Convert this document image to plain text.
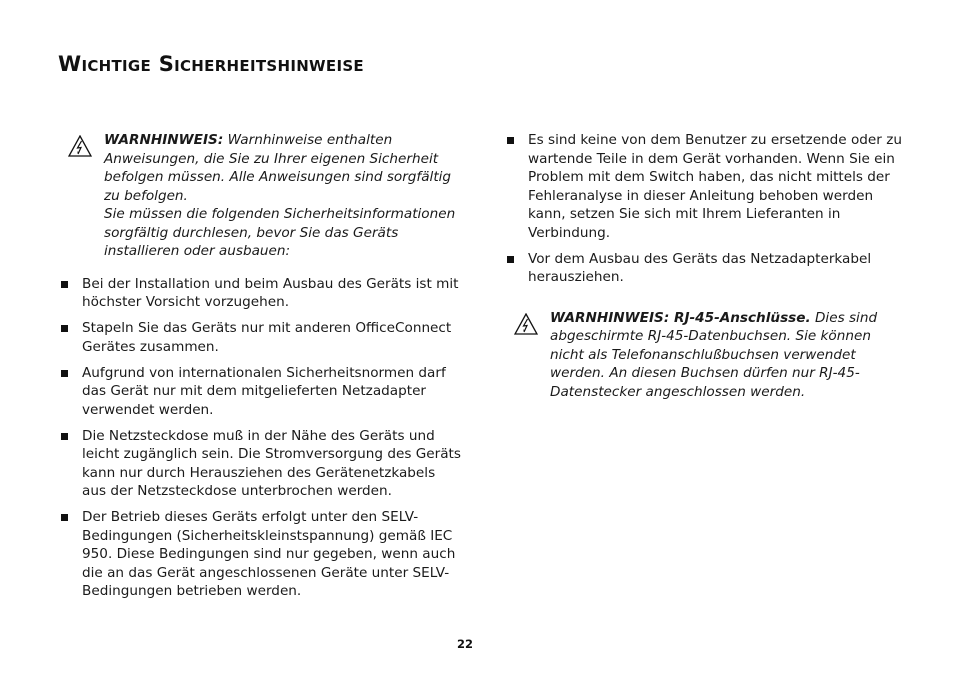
Wichtige Sicherheitshinweise

WARNHINWEIS: Warnhinweise enthalten Anweisungen, die Sie zu Ihrer eigenen Sicherheit befolgen müssen. Alle Anweisungen sind sorgfältig zu befolgen.

Sie müssen die folgenden Sicherheitsinformationen sorgfältig durchlesen, bevor Sie das Geräts installieren oder ausbauen:

Bei der Installation und beim Ausbau des Geräts ist mit höchster Vorsicht vorzugehen.
Stapeln Sie das Geräts nur mit anderen OfficeConnect Gerätes zusammen.
Aufgrund von internationalen Sicherheitsnormen darf das Gerät nur mit dem mitgelieferten Netzadapter verwendet werden.
Die Netzsteckdose muß in der Nähe des Geräts und leicht zugänglich sein. Die Stromversorgung des Geräts kann nur durch Herausziehen des Gerätenetzkabels aus der Netzsteckdose unterbrochen werden.
Der Betrieb dieses Geräts erfolgt unter den SELV-Bedingungen (Sicherheitskleinstspannung) gemäß IEC 950. Diese Bedingungen sind nur gegeben, wenn auch die an das Gerät angeschlossenen Geräte unter SELV-Bedingungen betrieben werden.
Es sind keine von dem Benutzer zu ersetzende oder zu wartende Teile in dem Gerät vorhanden. Wenn Sie ein Problem mit dem Switch haben, das nicht mittels der Fehleranalyse in dieser Anleitung behoben werden kann, setzen Sie sich mit Ihrem Lieferanten in Verbindung.
Vor dem Ausbau des Geräts das Netzadapterkabel herausziehen.

WARNHINWEIS: RJ-45-Anschlüsse. Dies sind abgeschirmte RJ-45-Datenbuchsen. Sie können nicht als Telefonanschlußbuchsen verwendet werden. An diesen Buchsen dürfen nur RJ-45-Datenstecker angeschlossen werden.

22
